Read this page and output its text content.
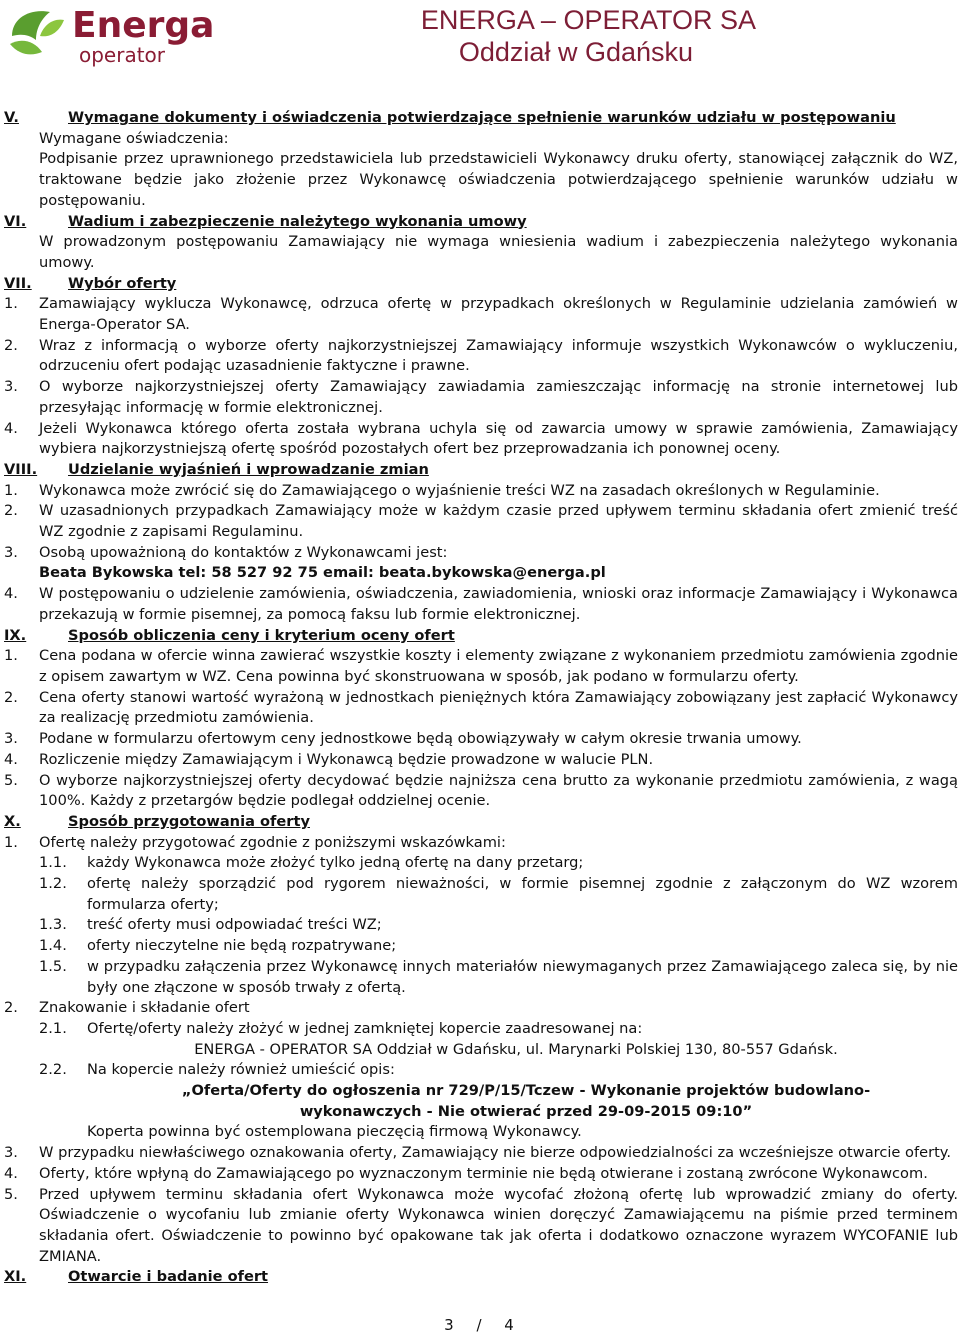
Energa
operator
ENERGA – OPERATOR SA
Oddział w Gdańsku
V.	Wymagane dokumenty i oświadczenia potwierdzające spełnienie warunków udziału w postępowaniu
Wymagane oświadczenia:
Podpisanie przez uprawnionego przedstawiciela lub przedstawicieli Wykonawcy druku oferty, stanowiącej załącznik do WZ, traktowane będzie jako złożenie przez Wykonawcę oświadczenia potwierdzającego spełnienie warunków udziału w postępowaniu.
VI.	Wadium i zabezpieczenie należytego wykonania umowy
W prowadzonym postępowaniu Zamawiający nie wymaga wniesienia wadium i zabezpieczenia należytego wykonania umowy.
VII.	Wybór oferty
1.	Zamawiający wyklucza Wykonawcę, odrzuca ofertę w przypadkach określonych w Regulaminie udzielania zamówień w Energa-Operator SA.
2.	Wraz z informacją o wyborze oferty najkorzystniejszej Zamawiający informuje wszystkich Wykonawców o wykluczeniu, odrzuceniu ofert podając uzasadnienie faktyczne i prawne.
3.	O wyborze najkorzystniejszej oferty Zamawiający zawiadamia zamieszczając informację na stronie internetowej lub przesyłając informację w formie elektronicznej.
4.	Jeżeli Wykonawca którego oferta została wybrana uchyla się od zawarcia umowy w sprawie zamówienia, Zamawiający wybiera najkorzystniejszą ofertę spośród pozostałych ofert bez przeprowadzania ich ponownej oceny.
VIII.	Udzielanie wyjaśnień i wprowadzanie zmian
1.	Wykonawca może zwrócić się do Zamawiającego o wyjaśnienie treści WZ na zasadach określonych w Regulaminie.
2.	W uzasadnionych przypadkach Zamawiający może w każdym czasie przed upływem terminu składania ofert zmienić treść WZ zgodnie z zapisami Regulaminu.
3.	Osobą upoważnioną do kontaktów z Wykonawcami jest:
Beata Bykowska tel: 58 527 92 75 email: beata.bykowska@energa.pl
4.	W postępowaniu o udzielenie zamówienia, oświadczenia, zawiadomienia, wnioski oraz informacje Zamawiający i Wykonawca przekazują w formie pisemnej, za pomocą faksu lub formie elektronicznej.
IX.	Sposób obliczenia ceny i kryterium oceny ofert
1.	Cena podana w ofercie winna zawierać wszystkie koszty i elementy związane z wykonaniem przedmiotu zamówienia zgodnie z opisem zawartym w WZ. Cena powinna być skonstruowana w sposób, jak podano w formularzu oferty.
2.	Cena oferty stanowi wartość wyrażoną w jednostkach pieniężnych która Zamawiający zobowiązany jest zapłacić Wykonawcy za realizację przedmiotu zamówienia.
3.	Podane w formularzu ofertowym ceny jednostkowe będą obowiązywały w całym okresie trwania umowy.
4.	Rozliczenie między Zamawiającym i Wykonawcą będzie prowadzone w walucie PLN.
5.	O wyborze najkorzystniejszej oferty decydować będzie najniższa cena brutto za wykonanie przedmiotu zamówienia, z wagą 100%. Każdy z przetargów będzie podlegał oddzielnej ocenie.
X.	Sposób przygotowania oferty
1.	Ofertę należy przygotować zgodnie z poniższymi wskazówkami:
1.1.	każdy Wykonawca może złożyć tylko jedną ofertę na dany przetarg;
1.2.	ofertę należy sporządzić pod rygorem nieważności, w formie pisemnej zgodnie z załączonym do WZ wzorem formularza oferty;
1.3.	treść oferty musi odpowiadać treści WZ;
1.4.	oferty nieczytelne nie będą rozpatrywane;
1.5.	w przypadku załączenia przez Wykonawcę innych materiałów niewymaganych przez Zamawiającego zaleca się, by nie były one złączone w sposób trwały z ofertą.
2.	Znakowanie i składanie ofert
2.1.	Ofertę/oferty należy złożyć w jednej zamkniętej kopercie zaadresowanej na:
ENERGA - OPERATOR SA Oddział w Gdańsku, ul. Marynarki Polskiej 130, 80-557 Gdańsk.
2.2.	Na kopercie należy również umieścić opis:
„Oferta/Oferty do ogłoszenia nr 729/P/15/Tczew - Wykonanie projektów budowlano-
wykonawczych - Nie otwierać przed 29-09-2015 09:10”
Koperta powinna być ostemplowana pieczęcią firmową Wykonawcy.
3.	W przypadku niewłaściwego oznakowania oferty, Zamawiający nie bierze odpowiedzialności za wcześniejsze otwarcie oferty.
4.	Oferty, które wpłyną do Zamawiającego po wyznaczonym terminie nie będą otwierane i zostaną zwrócone Wykonawcom.
5.	Przed upływem terminu składania ofert Wykonawca może wycofać złożoną ofertę lub wprowadzić zmiany do oferty. Oświadczenie o wycofaniu lub zmianie oferty Wykonawca winien doręczyć Zamawiającemu na piśmie przed terminem składania ofert. Oświadczenie to powinno być opakowane tak jak oferta i dodatkowo oznaczone wyrazem WYCOFANIE lub ZMIANA.
XI.	Otwarcie i badanie ofert
3 / 4
